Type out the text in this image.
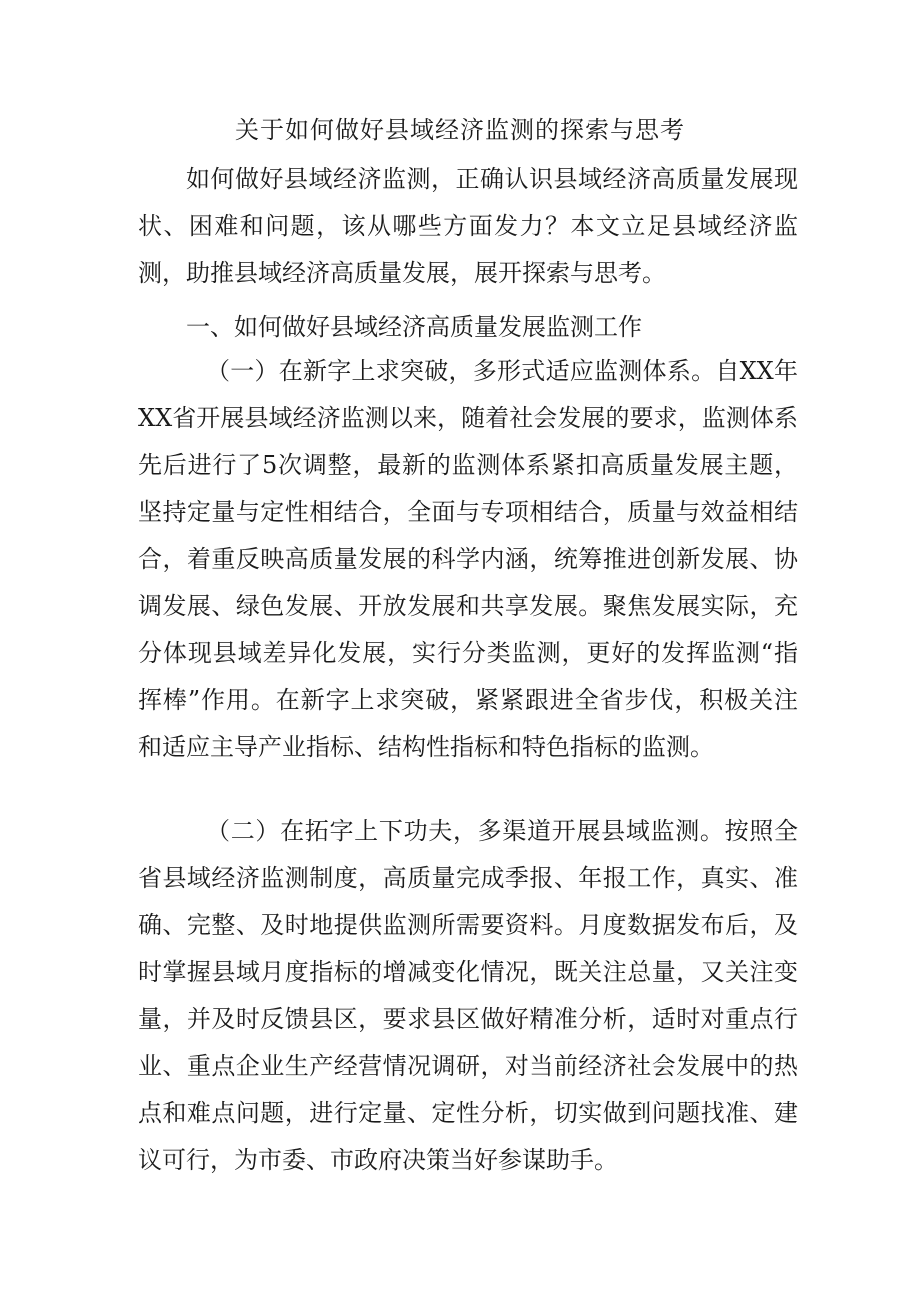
关于如何做好县域经济监测的探索与思考

如何做好县域经济监测，正确认识县域经济高质量发展现状、困难和问题，该从哪些方面发力？本文立足县域经济监测，助推县域经济高质量发展，展开探索与思考。

一、如何做好县域经济高质量发展监测工作

（一）在新字上求突破，多形式适应监测体系。自XX年XX省开展县域经济监测以来，随着社会发展的要求，监测体系先后进行了5次调整，最新的监测体系紧扣高质量发展主题，坚持定量与定性相结合，全面与专项相结合，质量与效益相结合，着重反映高质量发展的科学内涵，统筹推进创新发展、协调发展、绿色发展、开放发展和共享发展。聚焦发展实际，充分体现县域差异化发展，实行分类监测，更好的发挥监测“指挥棒”作用。在新字上求突破，紧紧跟进全省步伐，积极关注和适应主导产业指标、结构性指标和特色指标的监测。

（二）在拓字上下功夫，多渠道开展县域监测。按照全省县域经济监测制度，高质量完成季报、年报工作，真实、准确、完整、及时地提供监测所需要资料。月度数据发布后，及时掌握县域月度指标的增减变化情况，既关注总量，又关注变量，并及时反馈县区，要求县区做好精准分析，适时对重点行业、重点企业生产经营情况调研，对当前经济社会发展中的热点和难点问题，进行定量、定性分析，切实做到问题找准、建议可行，为市委、市政府决策当好参谋助手。
